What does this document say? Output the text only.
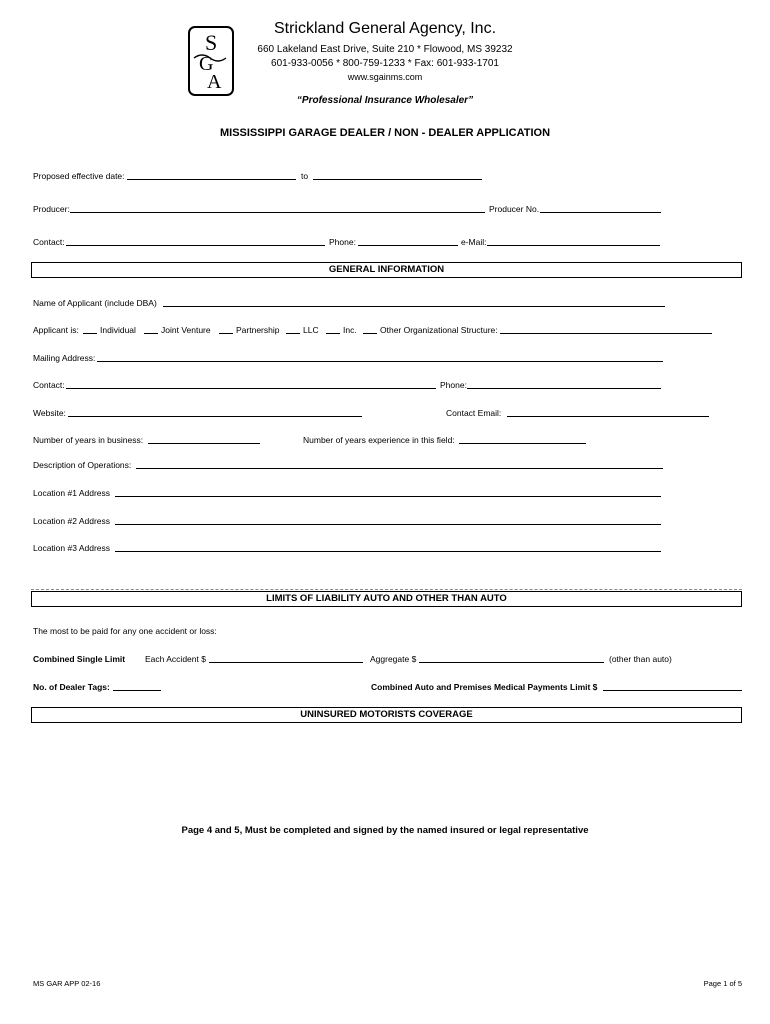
S
G
A
Strickland General Agency, Inc.
660 Lakeland East Drive, Suite 210 * Flowood, MS 39232
601-933-0056 * 800-759-1233 * Fax: 601-933-1701
www.sgainms.com
“Professional Insurance Wholesaler”
MISSISSIPPI GARAGE DEALER / NON - DEALER APPLICATION
Proposed effective date:	to
Producer:	Producer No.
Contact:	Phone:	e-Mail:
GENERAL INFORMATION
Name of Applicant (include DBA)
Applicant is: Individual	Joint Venture	Partnership	LLC	Inc.	Other Organizational Structure:
Mailing Address:
Contact:	Phone:
Website:	Contact Email:
Number of years in business:	Number of years experience in this field:
Description of Operations:
Location #1 Address
Location #2 Address
Location #3 Address
LIMITS OF LIABILITY AUTO AND OTHER THAN AUTO
The most to be paid for any one accident or loss:
Combined Single Limit Each Accident $	Aggregate $	(other than auto)
No. of Dealer Tags:	Combined Auto and Premises Medical Payments Limit $
UNINSURED MOTORISTS COVERAGE
Page 4 and 5, Must be completed and signed by the named insured or legal representative
MS GAR APP 02-16	Page 1 of 5
